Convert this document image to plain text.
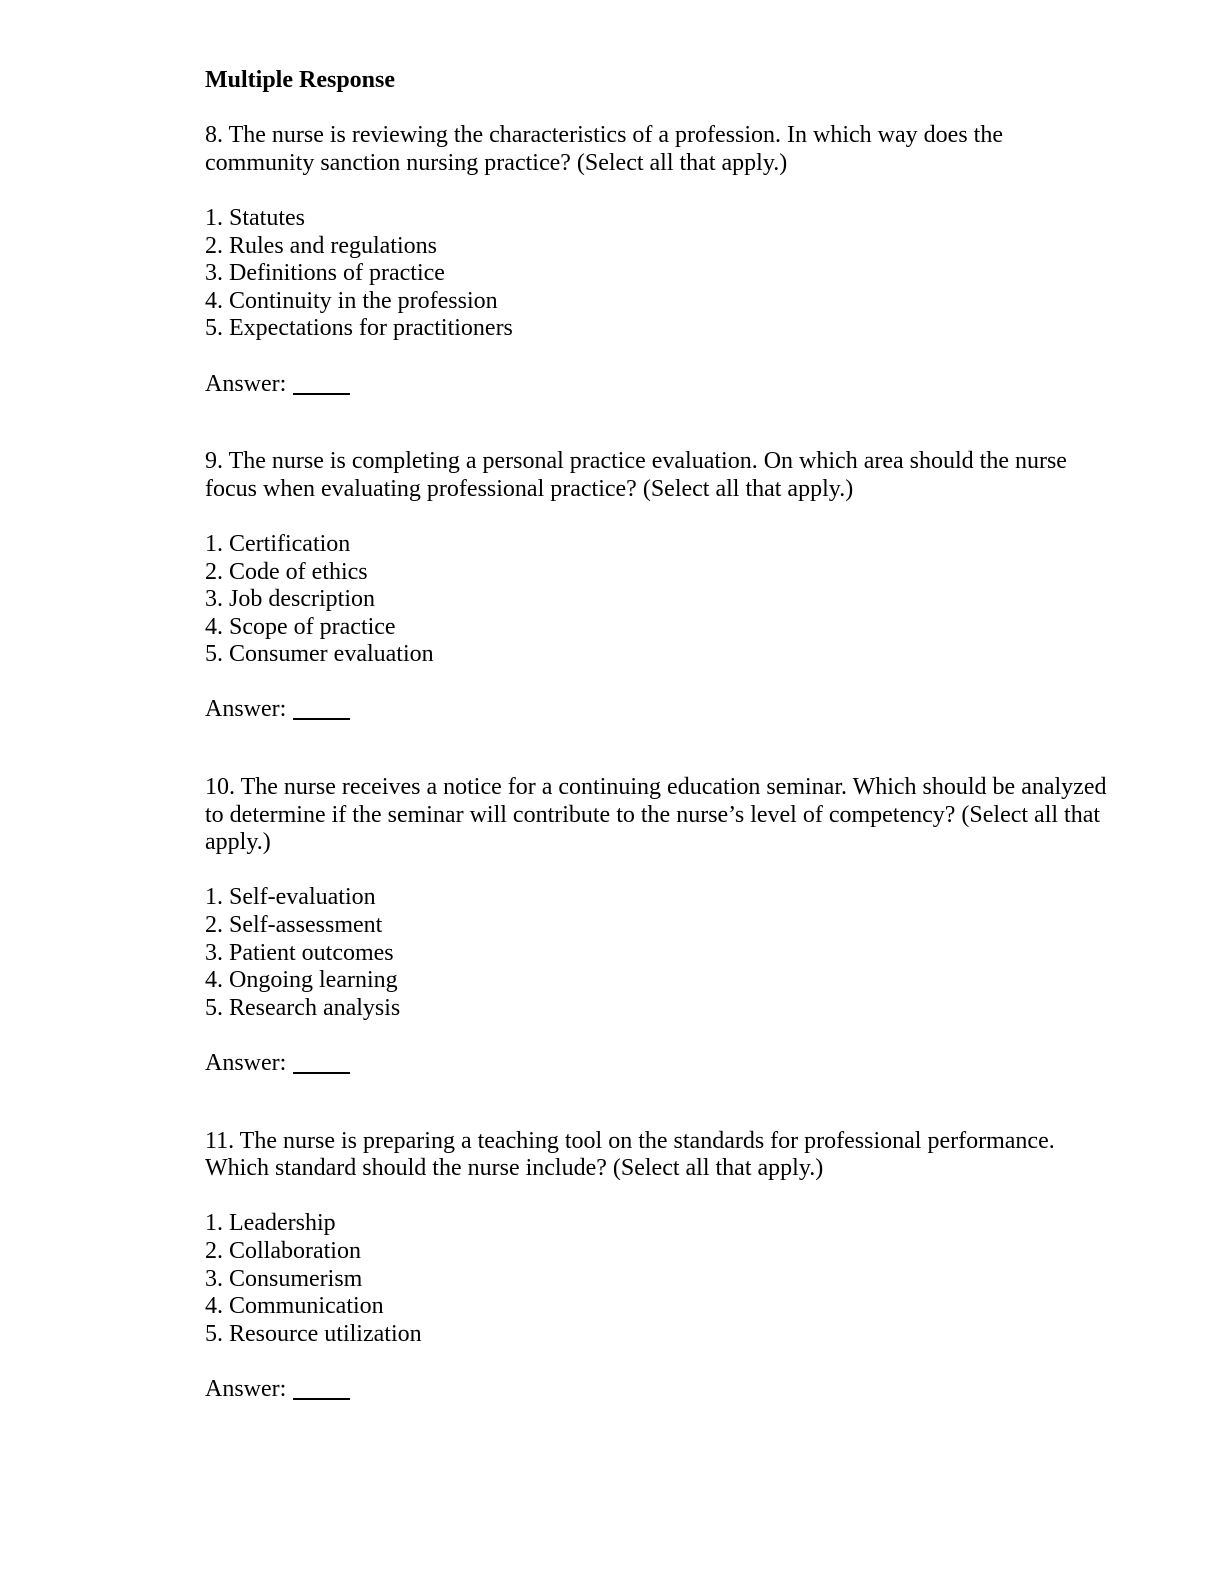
Multiple Response

8. The nurse is reviewing the characteristics of a profession. In which way does the community sanction nursing practice? (Select all that apply.)

1. Statutes
2. Rules and regulations
3. Definitions of practice
4. Continuity in the profession
5. Expectations for practitioners

Answer:

9. The nurse is completing a personal practice evaluation. On which area should the nurse focus when evaluating professional practice? (Select all that apply.)

1. Certification
2. Code of ethics
3. Job description
4. Scope of practice
5. Consumer evaluation

Answer:

10. The nurse receives a notice for a continuing education seminar. Which should be analyzed to determine if the seminar will contribute to the nurse’s level of competency? (Select all that apply.)

1. Self-evaluation
2. Self-assessment
3. Patient outcomes
4. Ongoing learning
5. Research analysis

Answer:

11. The nurse is preparing a teaching tool on the standards for professional performance. Which standard should the nurse include? (Select all that apply.)

1. Leadership
2. Collaboration
3. Consumerism
4. Communication
5. Resource utilization

Answer:
